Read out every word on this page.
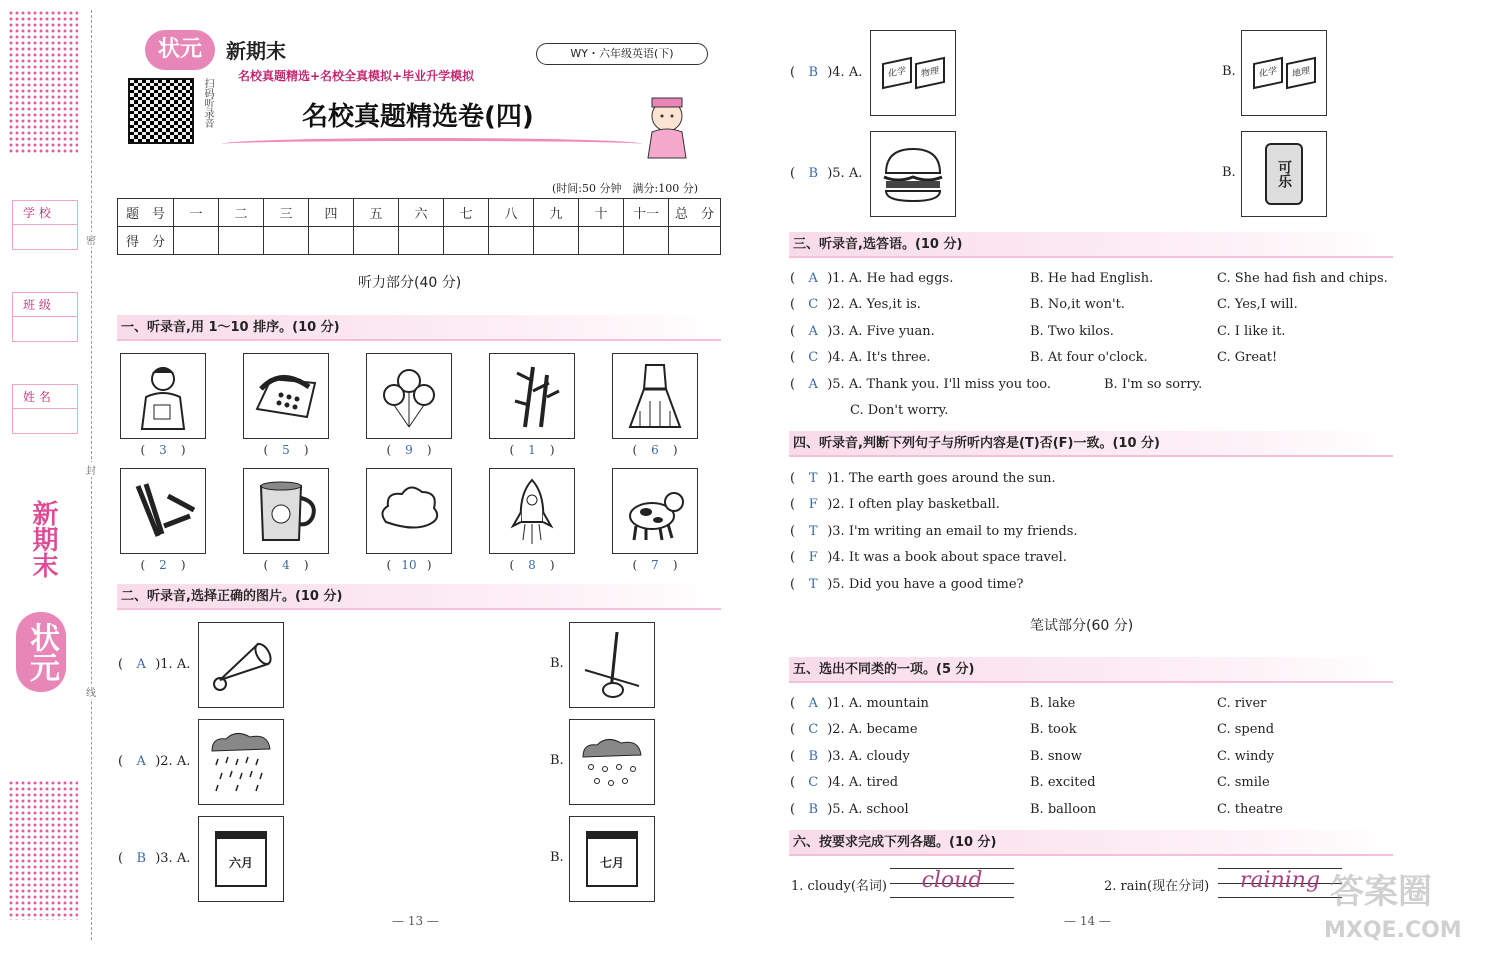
学 校
班 级
姓 名
密
封
线
新期末
状元
状元	新期末
名校真题精选+名校全真模拟+毕业升学模拟
WY・六年级英语(下)
扫码听录音	名校真题精选卷(四)
(时间:50 分钟　满分:100 分)
题　号	一	二	三	四	五	六	七	八	九	十	十一	总　分
得　分												
听力部分(40 分)
一、听录音,用 1～10 排序。(10 分)
( 3 )	( 5 )	( 9 )	( 1 )	( 6 )
( 2 )	( 4 )	( 10 )	( 8 )	( 7 )
二、听录音,选择正确的图片。(10 分)
( A )1. A.	B.
( A )2. A.	B.
( B )3. A.	六月	B.	七月
— 13 —
( B )4. A.	化学	物理	B.	化学	地理
( B )5. A.	B.	可乐
三、听录音,选答语。(10 分)
( A )1. A. He had eggs.	B. He had English.	C. She had fish and chips.
( C )2. A. Yes,it is.	B. No,it won't.	C. Yes,I will.
( A )3. A. Five yuan.	B. Two kilos.	C. I like it.
( C )4. A. It's three.	B. At four o'clock.	C. Great!
( A )5. A. Thank you. I'll miss you too.	B. I'm so sorry.
C. Don't worry.
四、听录音,判断下列句子与所听内容是(T)否(F)一致。(10 分)
( T )1. The earth goes around the sun.
( F )2. I often play basketball.
( T )3. I'm writing an email to my friends.
( F )4. It was a book about space travel.
( T )5. Did you have a good time?
笔试部分(60 分)
五、选出不同类的一项。(5 分)
( A )1. A. mountain	B. lake	C. river
( C )2. A. became	B. took	C. spend
( B )3. A. cloudy	B. snow	C. windy
( C )4. A. tired	B. excited	C. smile
( B )5. A. school	B. balloon	C. theatre
六、按要求完成下列各题。(10 分)
1. cloudy(名词)	cloud	2. rain(现在分词)	raining
— 14 —
答案圈
MXQE.COM
